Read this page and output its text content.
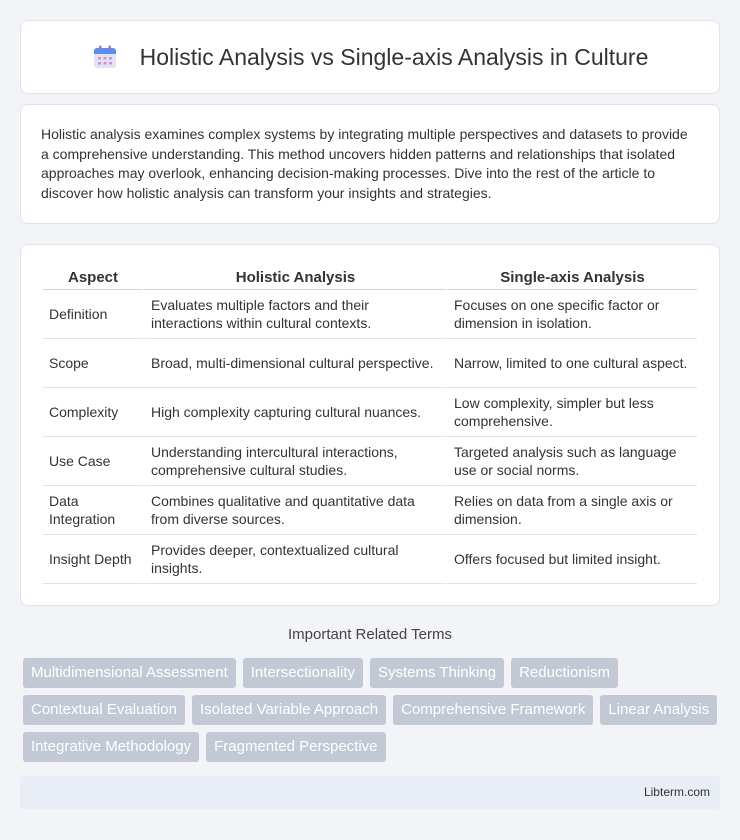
Holistic Analysis vs Single-axis Analysis in Culture

Holistic analysis examines complex systems by integrating multiple perspectives and datasets to provide a comprehensive understanding. This method uncovers hidden patterns and relationships that isolated approaches may overlook, enhancing decision-making processes. Dive into the rest of the article to discover how holistic analysis can transform your insights and strategies.

Aspect	Holistic Analysis	Single-axis Analysis
Definition	Evaluates multiple factors and their interactions within cultural contexts.	Focuses on one specific factor or dimension in isolation.
Scope	Broad, multi-dimensional cultural perspective.	Narrow, limited to one cultural aspect.
Complexity	High complexity capturing cultural nuances.	Low complexity, simpler but less comprehensive.
Use Case	Understanding intercultural interactions, comprehensive cultural studies.	Targeted analysis such as language use or social norms.
Data Integration	Combines qualitative and quantitative data from diverse sources.	Relies on data from a single axis or dimension.
Insight Depth	Provides deeper, contextualized cultural insights.	Offers focused but limited insight.
Important Related Terms
Multidimensional Assessment	Intersectionality	Systems Thinking	Reductionism
Contextual Evaluation	Isolated Variable Approach	Comprehensive Framework	Linear Analysis
Integrative Methodology	Fragmented Perspective
Libterm.com
